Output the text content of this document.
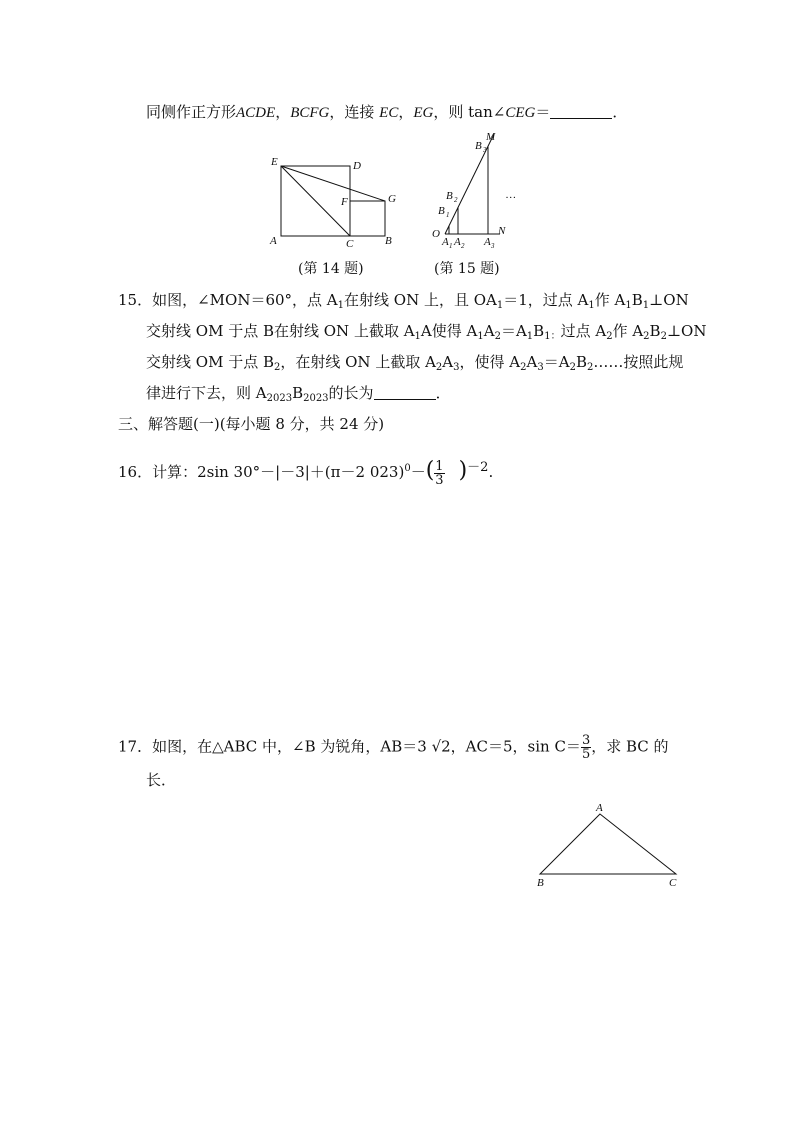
同侧作正方形ACDE，BCFG，连接 EC，EG，则 tan∠CEG＝	．
E	D
F	G
A	C	B
(第 14 题)
M
B 3
B 2
B 1
O
A 1 A 2 A 3
N
…
(第 15 题)
15．如图，∠MON＝60°，点 $A_1$在射线 ON 上，且 $OA_1=1$，过点 $A_1$作 $A_1B_1\perp ON$
交射线 OM 于点 B在射线 ON 上截取 $A_1A$使得 $A_1A_2=A_1B_{1:}$过点 $A_2$作 $A_2B_2\perp ON$
交射线 OM 于点 $B_2$，在射线 ON 上截取 $A_2A_3$，使得 $A_2A_3=A_2B_2\dots\dots$按照此规
律进行下去，则 $A_{2023}B_{2023}$的长为	．
三、解答题(一)(每小题 8 分，共 24 分)
16．计算：2sin 30°－|－3|＋(π－2 $023)^0-( \frac{1}{3} )^{-2}$.
17．如图，在△ABC 中，∠B 为锐角，AB＝3 √2，AC＝5，$\sin C= \frac{3}{5}$ ，求 BC 的
长．
A
B	C
